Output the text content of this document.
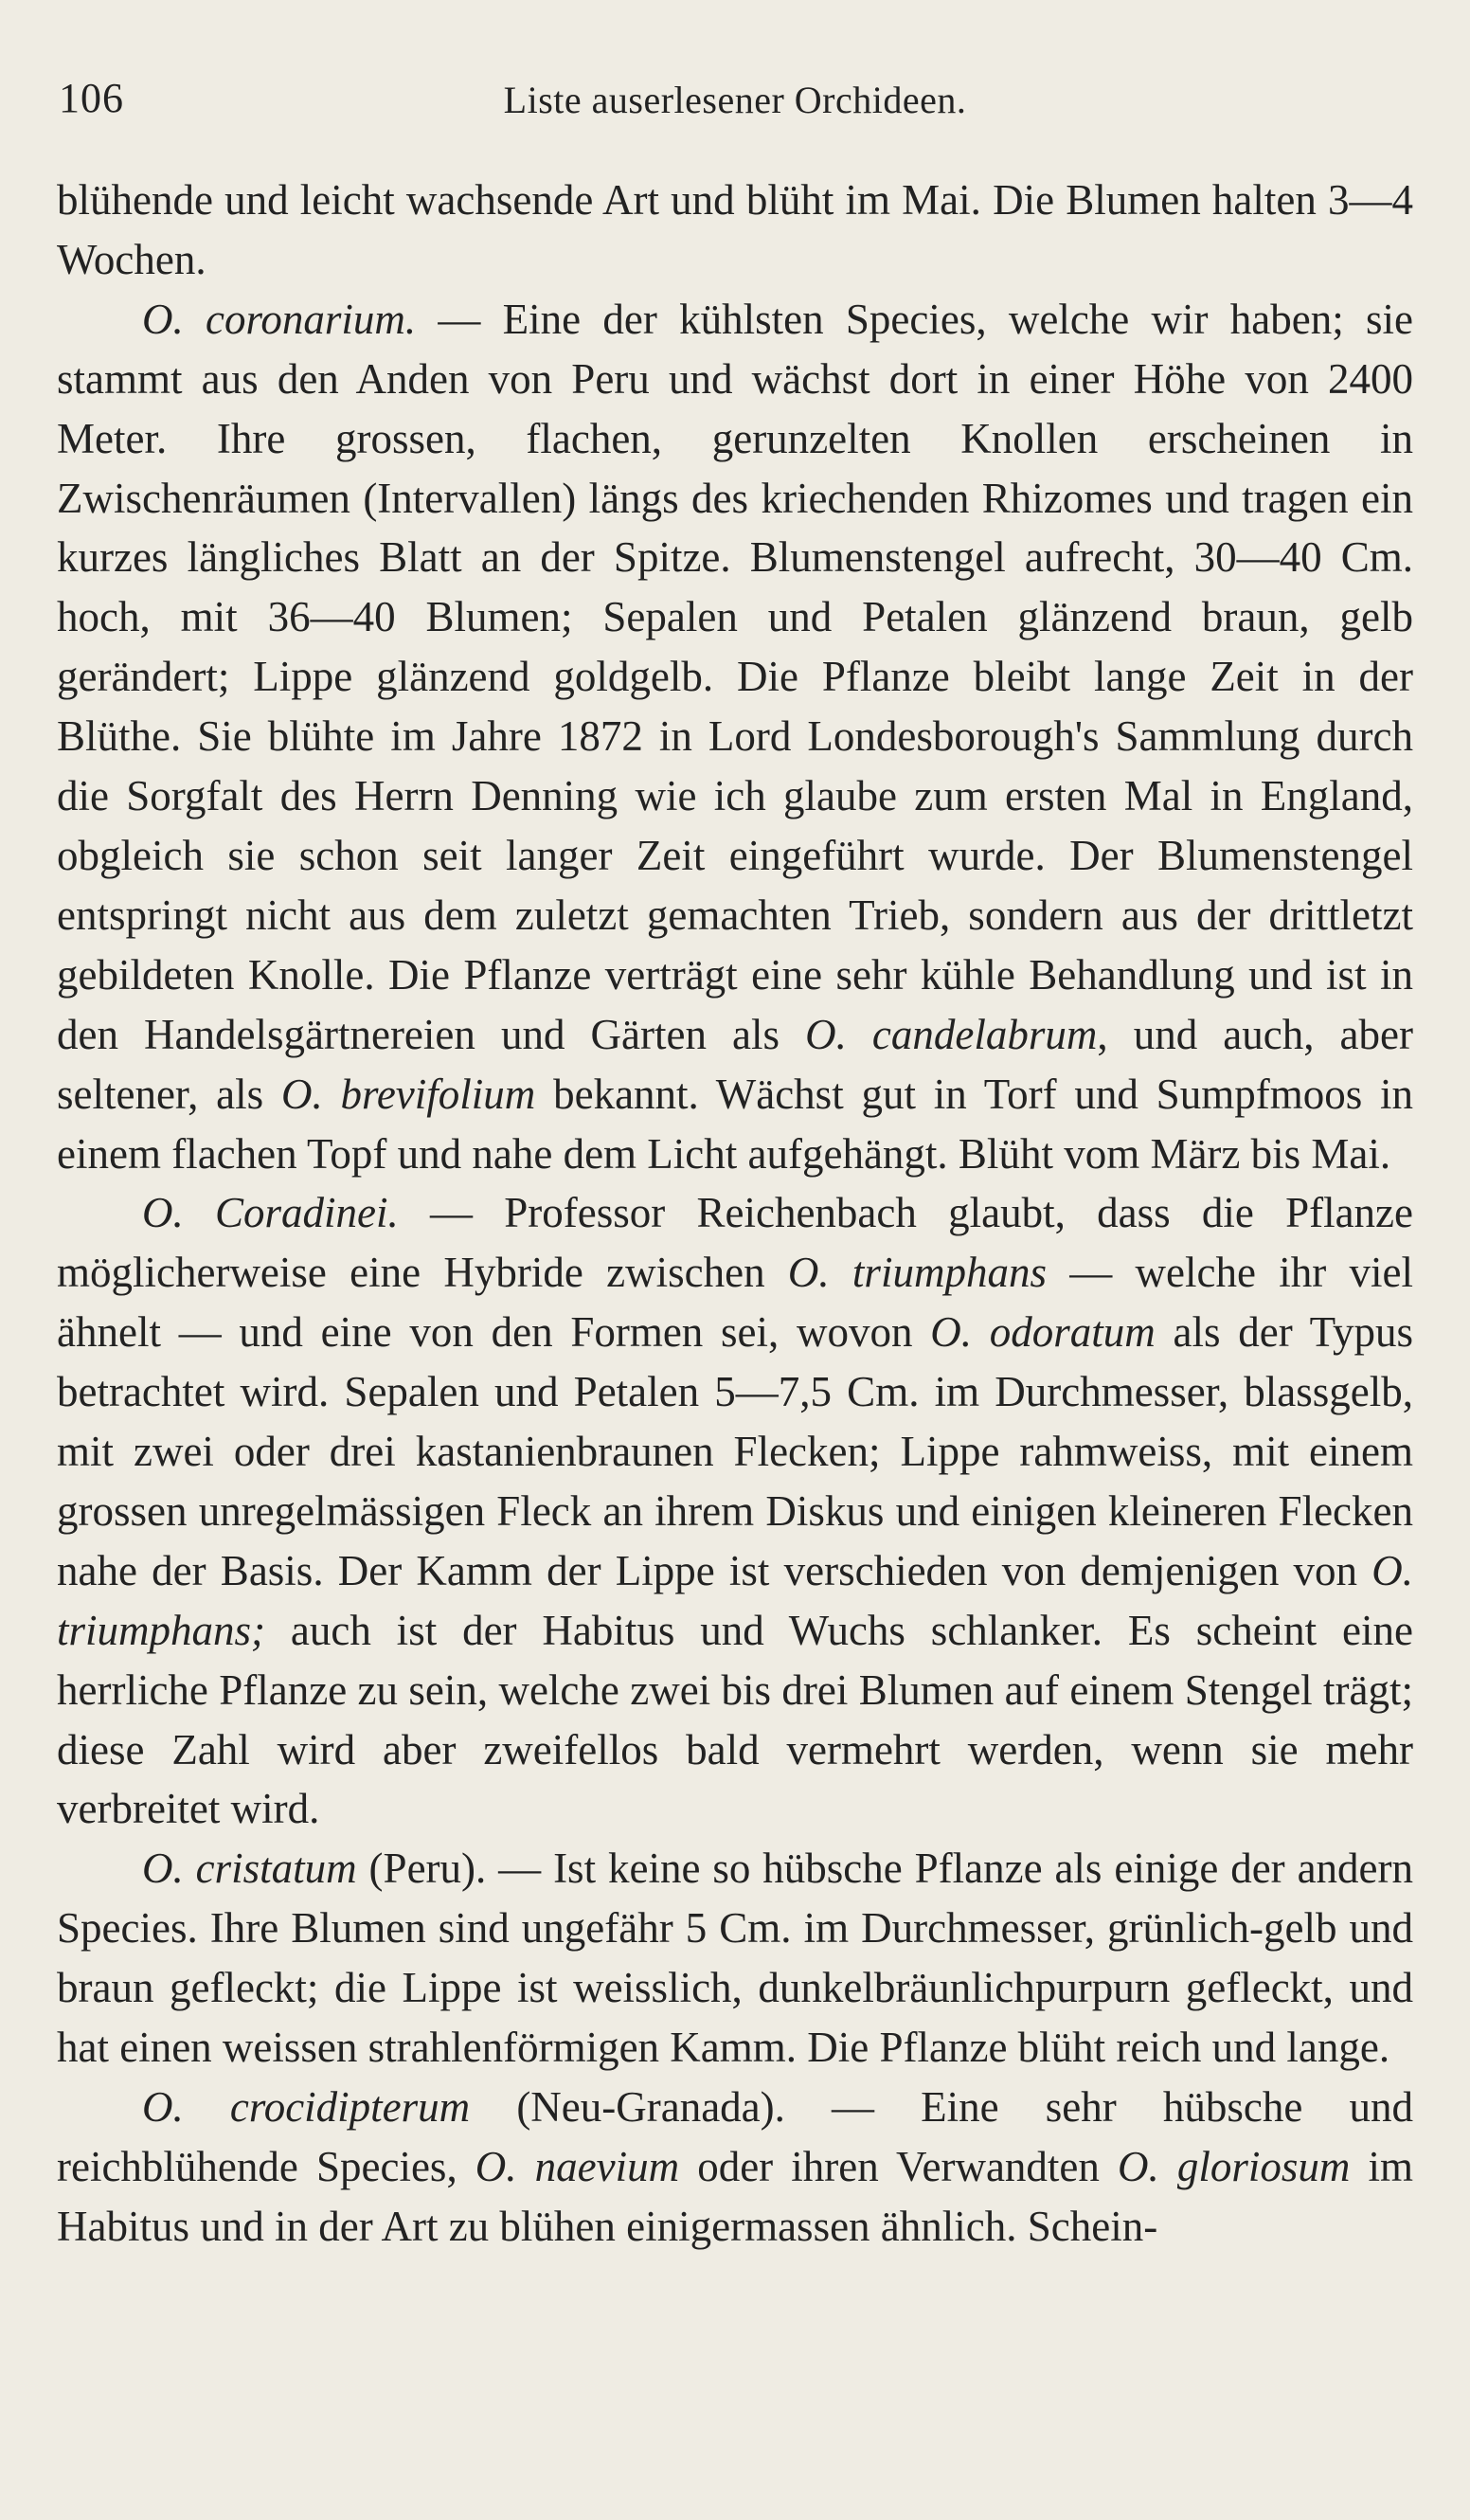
106	Liste auserlesener Orchideen.

blühende und leicht wachsende Art und blüht im Mai. Die Blumen halten 3—4 Wochen.

O. coronarium. — Eine der kühlsten Species, welche wir haben; sie stammt aus den Anden von Peru und wächst dort in einer Höhe von 2400 Meter. Ihre grossen, flachen, gerunzelten Knollen erscheinen in Zwischenräumen (Intervallen) längs des kriechenden Rhizomes und tragen ein kurzes längliches Blatt an der Spitze. Blumenstengel aufrecht, 30—40 Cm. hoch, mit 36—40 Blumen; Sepalen und Petalen glänzend braun, gelb gerändert; Lippe glänzend goldgelb. Die Pflanze bleibt lange Zeit in der Blüthe. Sie blühte im Jahre 1872 in Lord Londesborough's Sammlung durch die Sorgfalt des Herrn Denning wie ich glaube zum ersten Mal in England, obgleich sie schon seit langer Zeit eingeführt wurde. Der Blumenstengel entspringt nicht aus dem zuletzt gemachten Trieb, sondern aus der drittletzt gebildeten Knolle. Die Pflanze verträgt eine sehr kühle Behandlung und ist in den Handelsgärtnereien und Gärten als O. candelabrum, und auch, aber seltener, als O. brevifolium bekannt. Wächst gut in Torf und Sumpfmoos in einem flachen Topf und nahe dem Licht aufgehängt. Blüht vom März bis Mai.

O. Coradinei. — Professor Reichenbach glaubt, dass die Pflanze möglicherweise eine Hybride zwischen O. triumphans — welche ihr viel ähnelt — und eine von den Formen sei, wovon O. odoratum als der Typus betrachtet wird. Sepalen und Petalen 5—7,5 Cm. im Durchmesser, blassgelb, mit zwei oder drei kastanienbraunen Flecken; Lippe rahmweiss, mit einem grossen unregelmässigen Fleck an ihrem Diskus und einigen kleineren Flecken nahe der Basis. Der Kamm der Lippe ist verschieden von demjenigen von O. triumphans; auch ist der Habitus und Wuchs schlanker. Es scheint eine herrliche Pflanze zu sein, welche zwei bis drei Blumen auf einem Stengel trägt; diese Zahl wird aber zweifellos bald vermehrt werden, wenn sie mehr verbreitet wird.

O. cristatum (Peru). — Ist keine so hübsche Pflanze als einige der andern Species. Ihre Blumen sind ungefähr 5 Cm. im Durchmesser, grünlich-gelb und braun gefleckt; die Lippe ist weisslich, dunkelbräunlichpurpurn gefleckt, und hat einen weissen strahlenförmigen Kamm. Die Pflanze blüht reich und lange.

O. crocidipterum (Neu-Granada). — Eine sehr hübsche und reichblühende Species, O. naevium oder ihren Verwandten O. gloriosum im Habitus und in der Art zu blühen einigermassen ähnlich. Schein-
